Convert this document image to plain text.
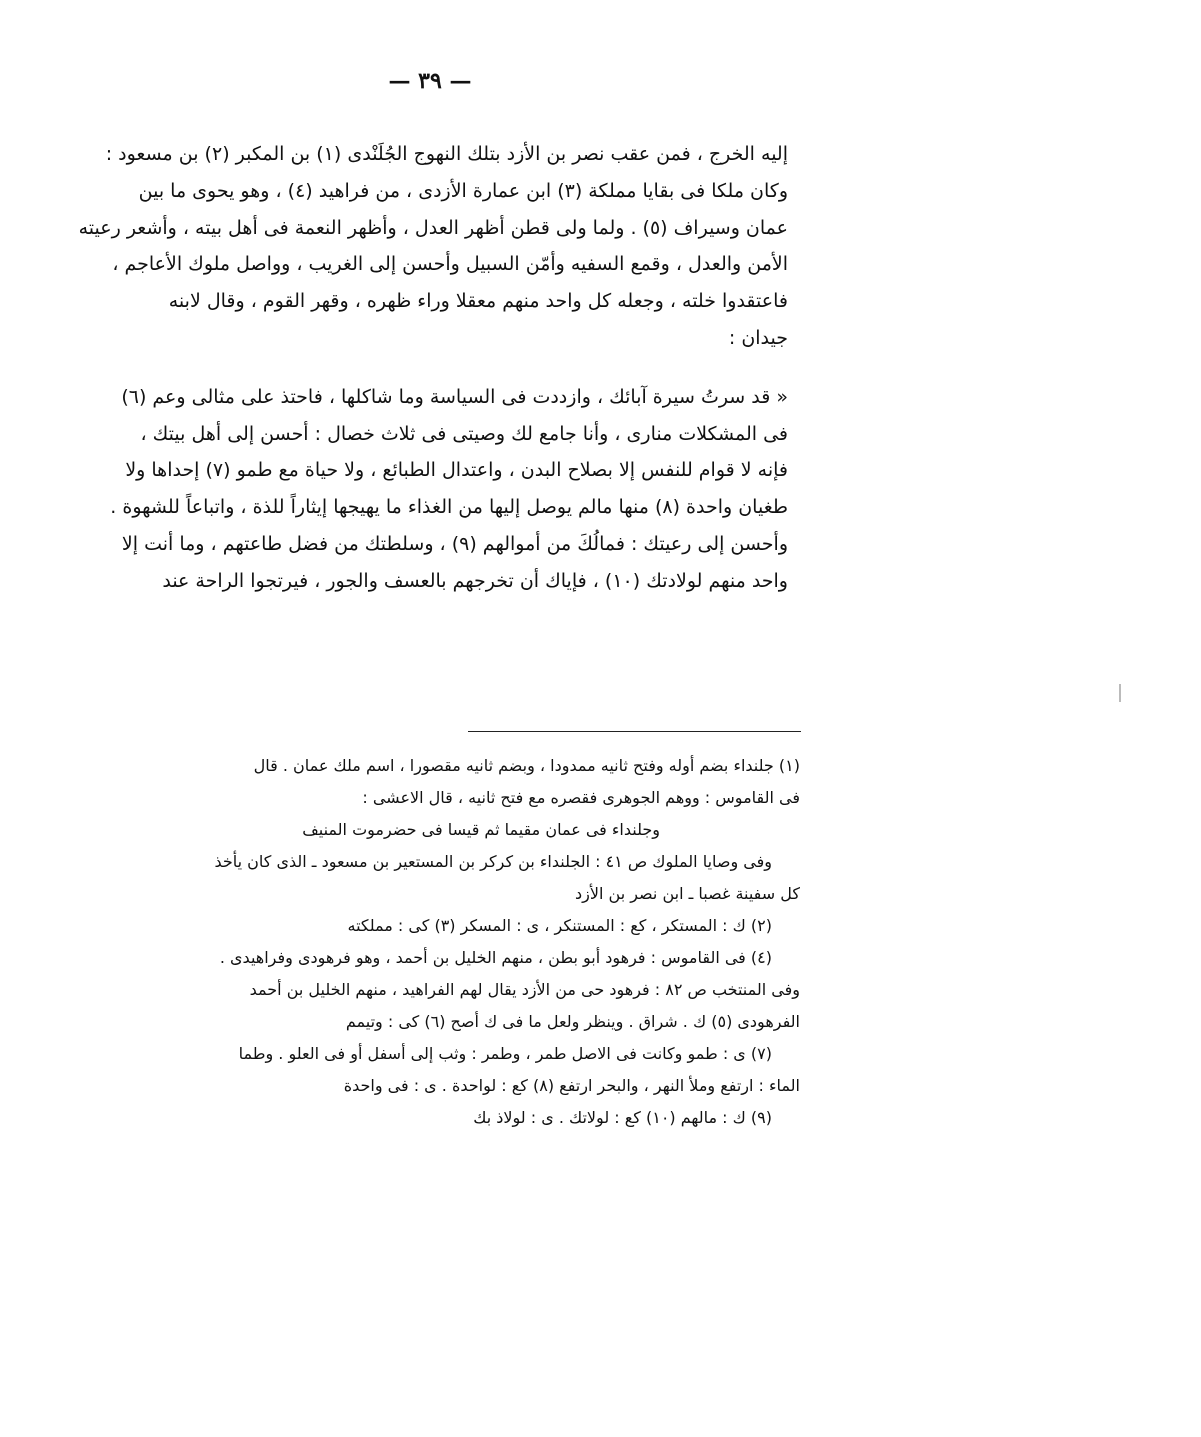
— ٣٩ —
إليه الخرج ، فمن عقب نصر بن الأزد بتلك النهوج الجُلَنْدى (١) بن المكبر (٢) بن مسعود :
وكان ملكا فى بقايا مملكة (٣) ابن عمارة الأزدى ، من فراهيد (٤) ، وهو يحوى ما بين
عمان وسيراف (٥) . ولما ولى قطن أظهر العدل ، وأظهر النعمة فى أهل بيته ، وأشعر رعيته
الأمن والعدل ، وقمع السفيه وأمّن السبيل وأحسن إلى الغريب ، وواصل ملوك الأعاجم ،
فاعتقدوا خلته ، وجعله كل واحد منهم معقلا وراء ظهره ، وقهر القوم ، وقال لابنه
جيدان :
« قد سرتُ سيرة آبائك ، وازددت فى السياسة وما شاكلها ، فاحتذ على مثالى وعم (٦)
فى المشكلات منارى ، وأنا جامع لك وصيتى فى ثلاث خصال : أحسن إلى أهل بيتك ،
فإنه لا قوام للنفس إلا بصلاح البدن ، واعتدال الطبائع ، ولا حياة مع طمو (٧) إحداها ولا
طغيان واحدة (٨) منها مالم يوصل إليها من الغذاء ما يهيجها إيثاراً للذة ، واتباعاً للشهوة .
وأحسن إلى رعيتك : فمالُكَ من أموالهم (٩) ، وسلطتك من فضل طاعتهم ، وما أنت إلا
واحد منهم لولادتك (١٠) ، فإياك أن تخرجهم بالعسف والجور ، فيرتجوا الراحة عند
(١) جلنداء بضم أوله وفتح ثانيه ممدودا ، وبضم ثانيه مقصورا ، اسم ملك عمان . قال
فى القاموس : ووهم الجوهرى فقصره مع فتح ثانيه ، قال الاعشى :
وجلنداء فى عمان مقيما ثم قيسا فى حضرموت المنيف
وفى وصايا الملوك ص ٤١ : الجلنداء بن كركر بن المستعير بن مسعود ـ الذى كان يأخذ
كل سفينة غصبا ـ ابن نصر بن الأزد
(٢) ك : المستكر ، كع : المستنكر ، ى : المسكر (٣) كى : مملكته
(٤) فى القاموس : فرهود أبو بطن ، منهم الخليل بن أحمد ، وهو فرهودى وفراهيدى .
وفى المنتخب ص ٨٢ : فرهود حى من الأزد يقال لهم الفراهيد ، منهم الخليل بن أحمد
الفرهودى (٥) ك . شراق . وينظر ولعل ما فى ك أصح (٦) كى : وتيمم
(٧) ى : طمو وكانت فى الاصل طمر ، وطمر : وثب إلى أسفل أو فى العلو . وطما
الماء : ارتفع وملأ النهر ، والبحر ارتفع (٨) كع : لواحدة . ى : فى واحدة
(٩) ك : مالهم (١٠) كع : لولاتك . ى : لولاذ بك
